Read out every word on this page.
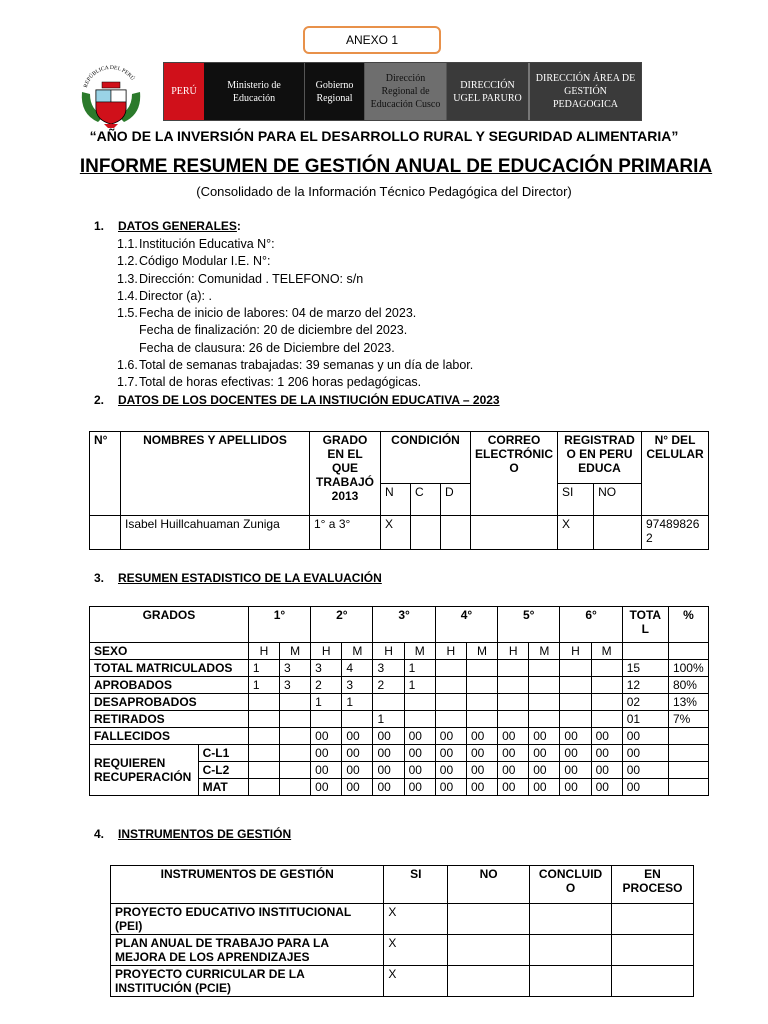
ANEXO 1
REPÚBLICA DEL PERÚ
PERÚ
Ministerio de Educación
Gobierno
Regional
Dirección Regional de Educación Cusco
DIRECCIÓN
UGEL PARURO
DIRECCIÓN ÁREA DE
GESTIÓN PEDAGOGICA
“AÑO DE LA INVERSIÓN PARA EL DESARROLLO RURAL Y SEGURIDAD ALIMENTARIA”
INFORME RESUMEN DE GESTIÓN ANUAL DE EDUCACIÓN PRIMARIA
(Consolidado de la Información Técnico Pedagógica del Director)
1. DATOS GENERALES:
1.1.Institución Educativa N°:
1.2.Código Modular I.E. N°:
1.3.Dirección: Comunidad . TELEFONO: s/n
1.4.Director (a): .
1.5.Fecha de inicio de labores: 04 de marzo del 2023.
Fecha de finalización: 20 de diciembre del 2023.
Fecha de clausura: 26 de Diciembre del 2023.
1.6.Total de semanas trabajadas: 39 semanas y un día de labor.
1.7.Total de horas efectivas: 1 206 horas pedagógicas.
2. DATOS DE LOS DOCENTES DE LA INSTIUCIÓN EDUCATIVA – 2023
N°	NOMBRES Y APELLIDOS	GRADO EN EL QUE TRABAJÓ 2013	CONDICIÓN			CORREO ELECTRÓNIC O	REGISTRAD O EN PERU EDUCA		N° DEL CELULAR
			N	C	D		SI	NO	
	Isabel Huillcahuaman Zuniga	1° a 3°	X				X		974898262
3. RESUMEN ESTADISTICO DE LA EVALUACIÓN
GRADOS		1°		2°		3°		4°		5°		6°		TOTAL	%
SEXO		H	M	H	M	H	M	H	M	H	M	H	M		
TOTAL MATRICULADOS		1	3	3	4	3	1							15	100%
APROBADOS		1	3	2	3	2	1							12	80%
DESAPROBADOS				1	1									02	13%
RETIRADOS						1								01	7%
FALLECIDOS				00	00	00	00	00	00	00	00	00	00	00	
REQUIEREN RECUPERACIÓN	C-L1			00	00	00	00	00	00	00	00	00	00	00	
	C-L2			00	00	00	00	00	00	00	00	00	00	00	
	MAT			00	00	00	00	00	00	00	00	00	00	00	
4. INSTRUMENTOS DE GESTIÓN
INSTRUMENTOS DE GESTIÓN	SI	NO	CONCLUID O	EN PROCESO
PROYECTO EDUCATIVO INSTITUCIONAL (PEI)	X			
PLAN ANUAL DE TRABAJO PARA LA MEJORA DE LOS APRENDIZAJES	X			
PROYECTO CURRICULAR DE LA INSTITUCIÓN (PCIE)	X			
